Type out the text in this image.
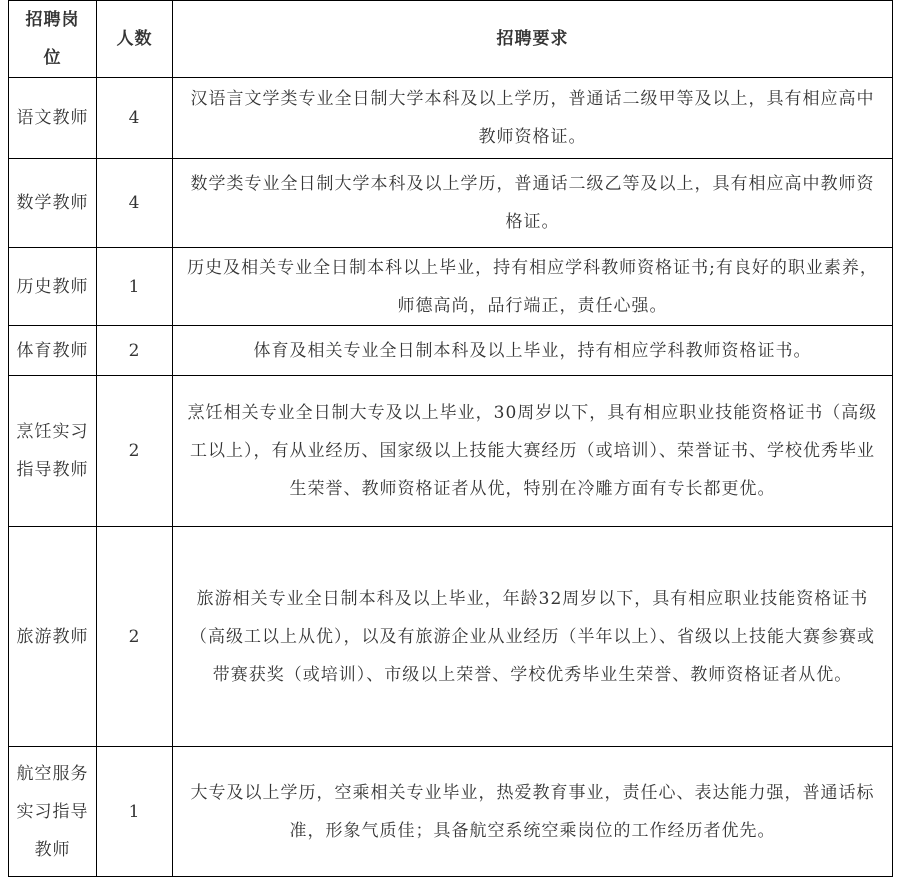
招聘岗位	人数	招聘要求
语文教师	4	汉语言文学类专业全日制大学本科及以上学历，普通话二级甲等及以上，具有相应高中教师资格证。
数学教师	4	数学类专业全日制大学本科及以上学历，普通话二级乙等及以上，具有相应高中教师资格证。
历史教师	1	历史及相关专业全日制本科以上毕业，持有相应学科教师资格证书;有良好的职业素养，师德高尚，品行端正，责任心强。
体育教师	2	体育及相关专业全日制本科及以上毕业，持有相应学科教师资格证书。
烹饪实习指导教师	2	烹饪相关专业全日制大专及以上毕业，30周岁以下，具有相应职业技能资格证书（高级工以上），有从业经历、国家级以上技能大赛经历（或培训）、荣誉证书、学校优秀毕业生荣誉、教师资格证者从优，特别在冷雕方面有专长都更优。
旅游教师	2	旅游相关专业全日制本科及以上毕业，年龄32周岁以下，具有相应职业技能资格证书（高级工以上从优），以及有旅游企业从业经历（半年以上）、省级以上技能大赛参赛或带赛获奖（或培训）、市级以上荣誉、学校优秀毕业生荣誉、教师资格证者从优。
航空服务实习指导教师	1	大专及以上学历，空乘相关专业毕业，热爱教育事业，责任心、表达能力强，普通话标准，形象气质佳；具备航空系统空乘岗位的工作经历者优先。
